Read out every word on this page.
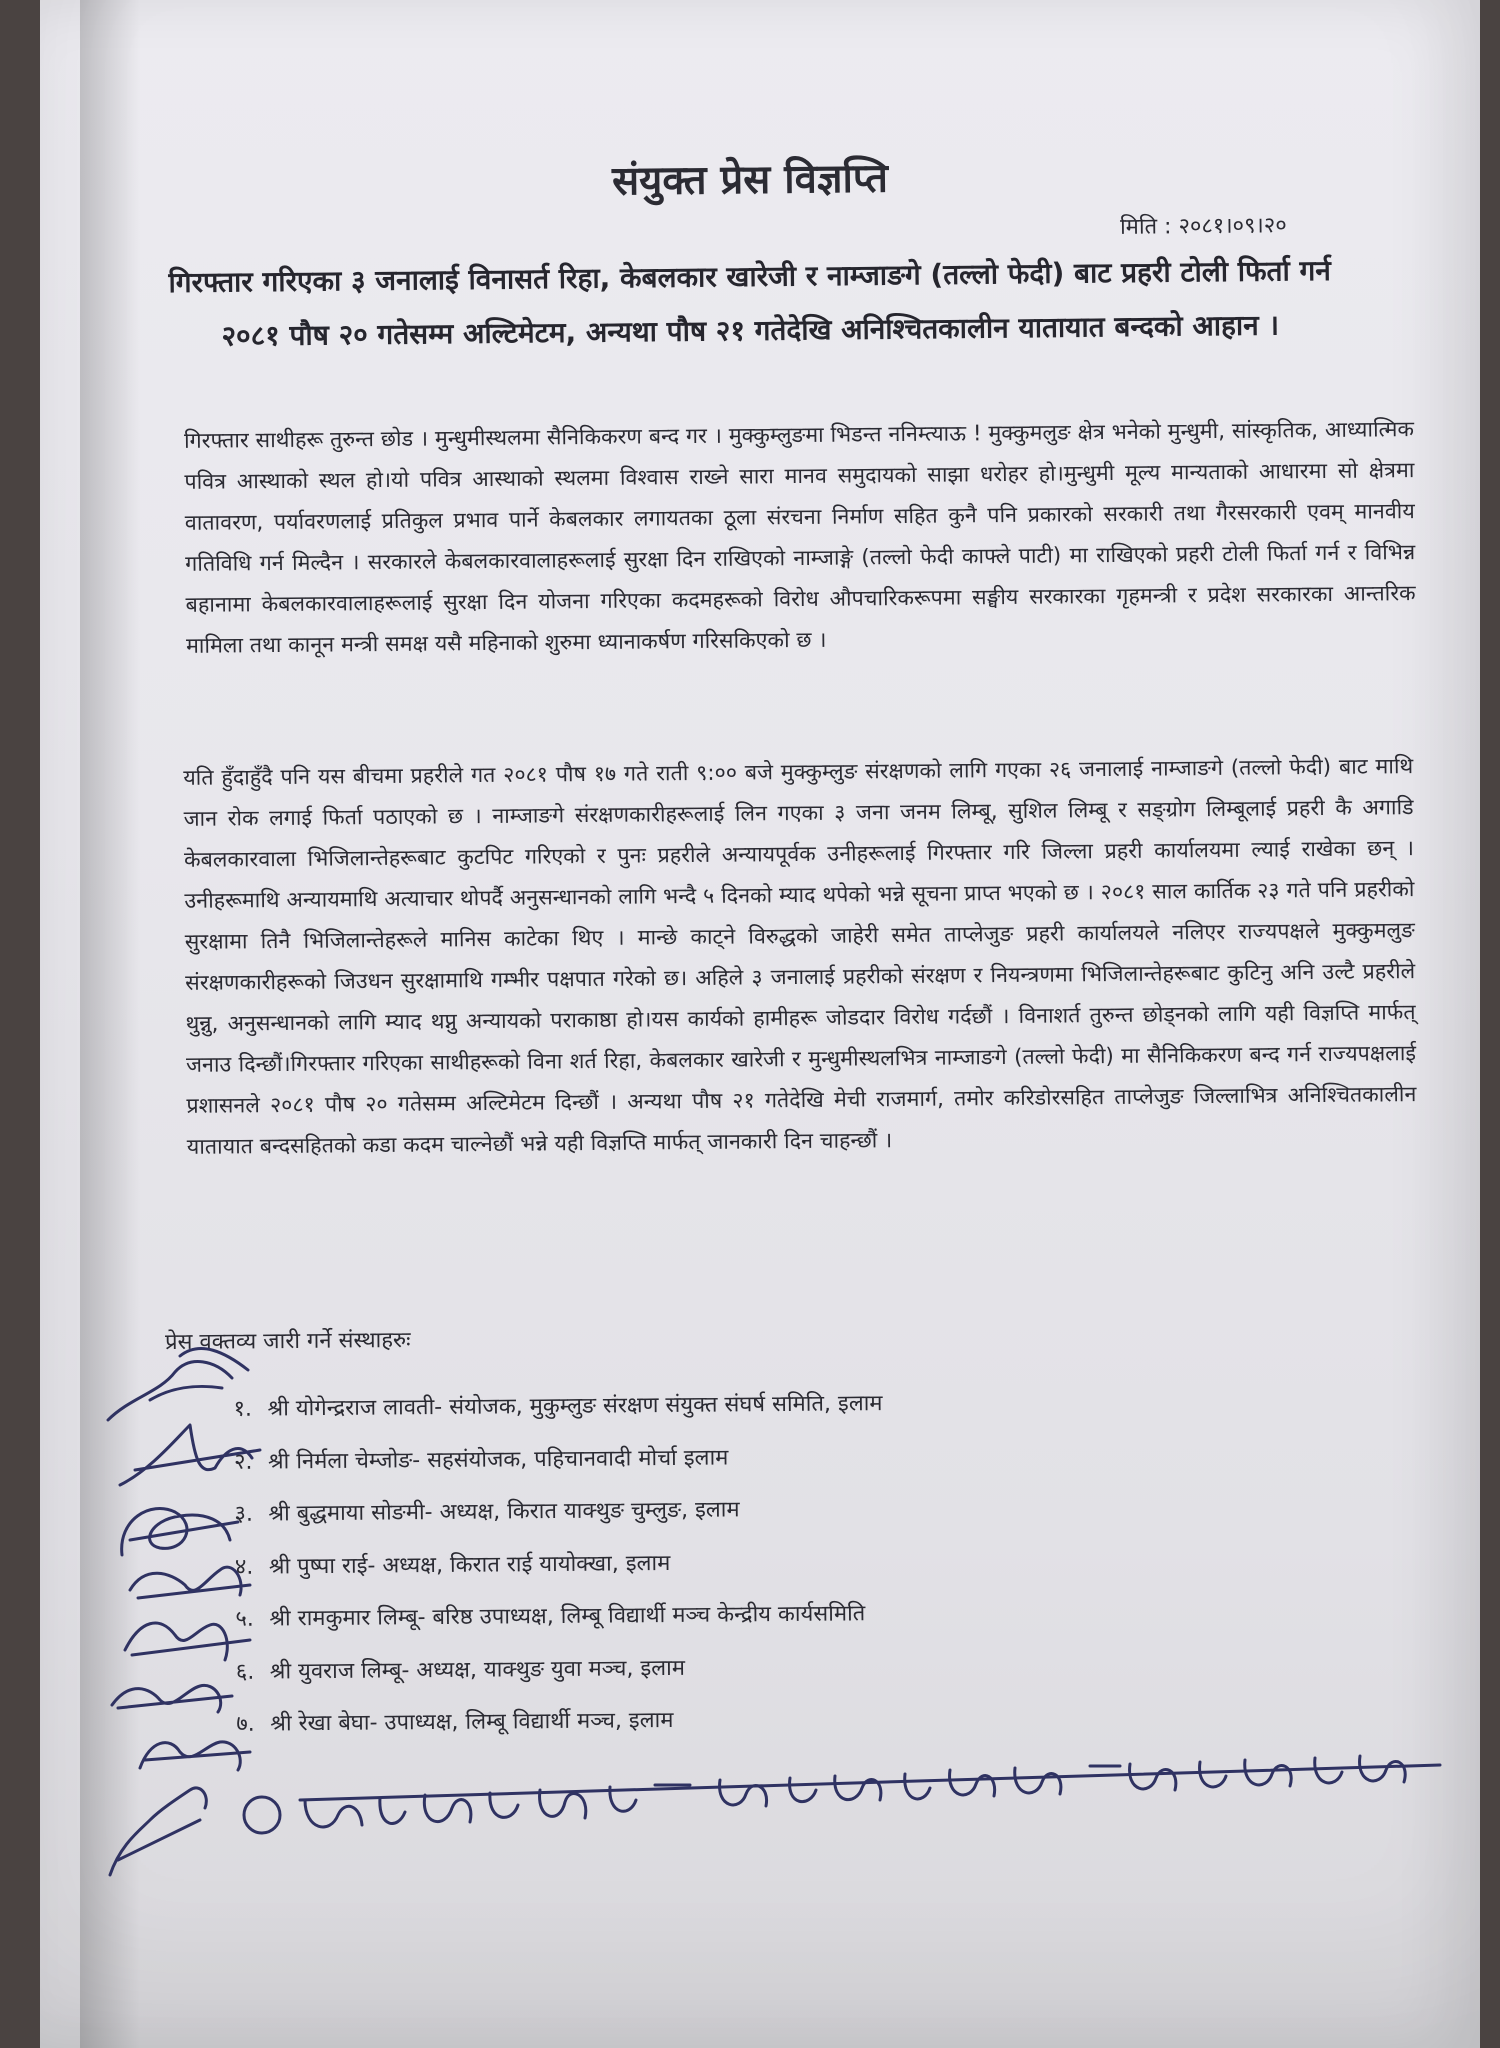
संयुक्त प्रेस विज्ञप्ति
मिति : २०८१।०९।२०
गिरफ्तार गरिएका ३ जनालाई विनासर्त रिहा, केबलकार खारेजी र नाम्जाङगे (तल्लो फेदी) बाट प्रहरी टोली फिर्ता गर्न २०८१ पौष २० गतेसम्म अल्टिमेटम, अन्यथा पौष २१ गतेदेखि अनिश्चितकालीन यातायात बन्दको आहान ।
गिरफ्तार साथीहरू तुरुन्त छोड । मुन्धुमीस्थलमा सैनिकिकरण बन्द गर । मुक्कुम्लुङमा भिडन्त ननिम्त्याऊ ! मुक्कुमलुङ क्षेत्र भनेको मुन्धुमी, सांस्कृतिक, आध्यात्मिक पवित्र आस्थाको स्थल हो।यो पवित्र आस्थाको स्थलमा विश्वास राख्ने सारा मानव समुदायको साझा धरोहर हो।मुन्धुमी मूल्य मान्यताको आधारमा सो क्षेत्रमा वातावरण, पर्यावरणलाई प्रतिकुल प्रभाव पार्ने केबलकार लगायतका ठूला संरचना निर्माण सहित कुनै पनि प्रकारको सरकारी तथा गैरसरकारी एवम् मानवीय गतिविधि गर्न मिल्दैन । सरकारले केबलकारवालाहरूलाई सुरक्षा दिन राखिएको नाम्जाङ्गे (तल्लो फेदी काफ्ले पाटी) मा राखिएको प्रहरी टोली फिर्ता गर्न र विभिन्न बहानामा केबलकारवालाहरूलाई सुरक्षा दिन योजना गरिएका कदमहरूको विरोध औपचारिकरूपमा सङ्घीय सरकारका गृहमन्त्री र प्रदेश सरकारका आन्तरिक मामिला तथा कानून मन्त्री समक्ष यसै महिनाको शुरुमा ध्यानाकर्षण गरिसकिएको छ ।
यति हुँदाहुँदै पनि यस बीचमा प्रहरीले गत २०८१ पौष १७ गते राती ९:०० बजे मुक्कुम्लुङ संरक्षणको लागि गएका २६ जनालाई नाम्जाङगे (तल्लो फेदी) बाट माथि जान रोक लगाई फिर्ता पठाएको छ । नाम्जाङगे संरक्षणकारीहरूलाई लिन गएका ३ जना जनम लिम्बू, सुशिल लिम्बू र सङ्ग्रोग लिम्बूलाई प्रहरी कै अगाडि केबलकारवाला भिजिलान्तेहरूबाट कुटपिट गरिएको र पुनः प्रहरीले अन्यायपूर्वक उनीहरूलाई गिरफ्तार गरि जिल्ला प्रहरी कार्यालयमा ल्याई राखेका छन् । उनीहरूमाथि अन्यायमाथि अत्याचार थोपर्दै अनुसन्धानको लागि भन्दै ५ दिनको म्याद थपेको भन्ने सूचना प्राप्त भएको छ । २०८१ साल कार्तिक २३ गते पनि प्रहरीको सुरक्षामा तिनै भिजिलान्तेहरूले मानिस काटेका थिए । मान्छे काट्ने विरुद्धको जाहेरी समेत ताप्लेजुङ प्रहरी कार्यालयले नलिएर राज्यपक्षले मुक्कुमलुङ संरक्षणकारीहरूको जिउधन सुरक्षामाथि गम्भीर पक्षपात गरेको छ। अहिले ३ जनालाई प्रहरीको संरक्षण र नियन्त्रणमा भिजिलान्तेहरूबाट कुटिनु अनि उल्टै प्रहरीले थुन्नु, अनुसन्धानको लागि म्याद थप्नु अन्यायको पराकाष्ठा हो।यस कार्यको हामीहरू जोडदार विरोध गर्दछौं । विनाशर्त तुरुन्त छोड्नको लागि यही विज्ञप्ति मार्फत् जनाउ दिन्छौं।गिरफ्तार गरिएका साथीहरूको विना शर्त रिहा, केबलकार खारेजी र मुन्धुमीस्थलभित्र नाम्जाङगे (तल्लो फेदी) मा सैनिकिकरण बन्द गर्न राज्यपक्षलाई प्रशासनले २०८१ पौष २० गतेसम्म अल्टिमेटम दिन्छौं । अन्यथा पौष २१ गतेदेखि मेची राजमार्ग, तमोर करिडोरसहित ताप्लेजुङ जिल्लाभित्र अनिश्चितकालीन यातायात बन्दसहितको कडा कदम चाल्नेछौं भन्ने यही विज्ञप्ति मार्फत् जानकारी दिन चाहन्छौं ।
प्रेस वक्तव्य जारी गर्ने संस्थाहरुः
१. श्री योगेन्द्रराज लावती- संयोजक, मुकुम्लुङ संरक्षण संयुक्त संघर्ष समिति, इलाम
२. श्री निर्मला चेम्जोङ- सहसंयोजक, पहिचानवादी मोर्चा इलाम
३. श्री बुद्धमाया सोङमी- अध्यक्ष, किरात याक्थुङ चुम्लुङ, इलाम
४. श्री पुष्पा राई- अध्यक्ष, किरात राई यायोक्खा, इलाम
५. श्री रामकुमार लिम्बू- बरिष्ठ उपाध्यक्ष, लिम्बू विद्यार्थी मञ्च केन्द्रीय कार्यसमिति
६. श्री युवराज लिम्बू- अध्यक्ष, याक्थुङ युवा मञ्च, इलाम
७. श्री रेखा बेघा- उपाध्यक्ष, लिम्बू विद्यार्थी मञ्च, इलाम
